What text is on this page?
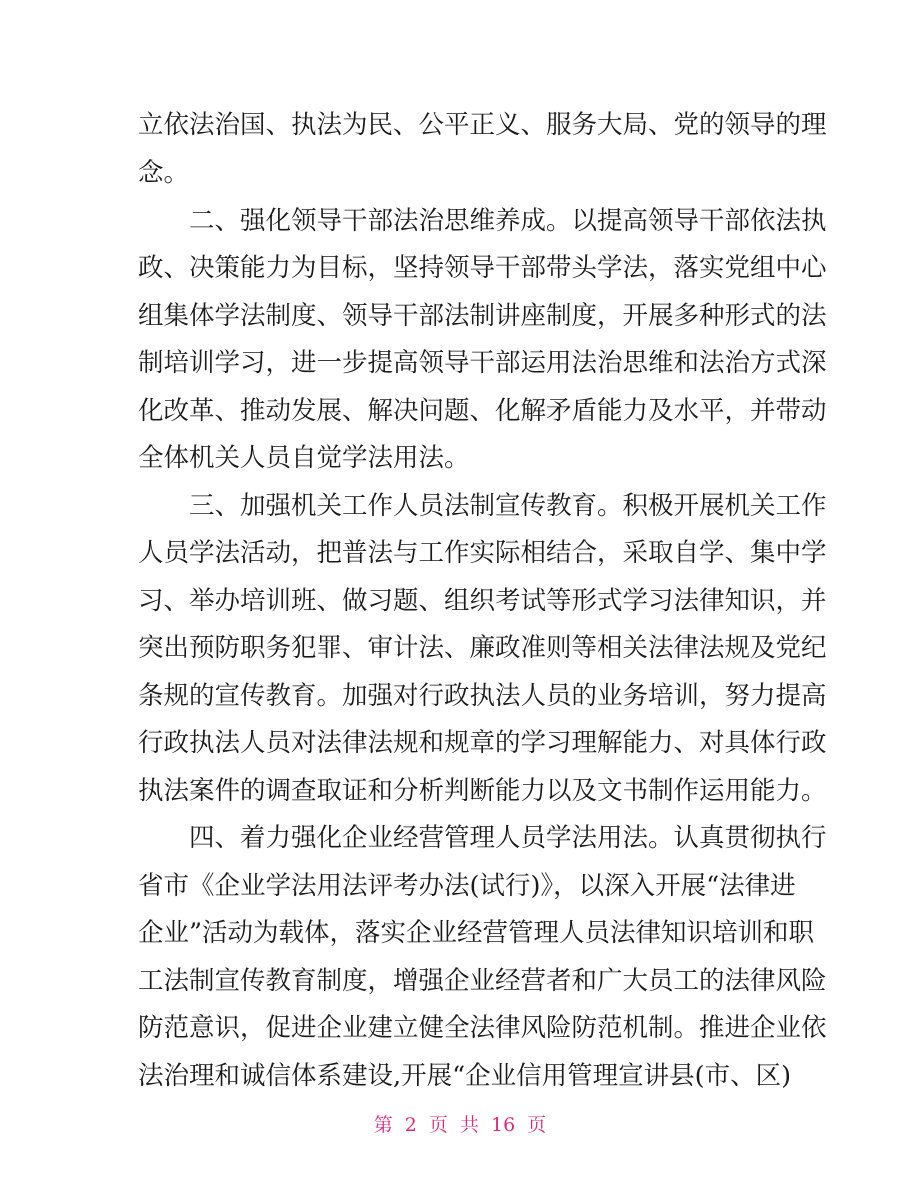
立依法治国、执法为民、公平正义、服务大局、党的领导的理
念。
　　二、强化领导干部法治思维养成。以提高领导干部依法执
政、决策能力为目标，坚持领导干部带头学法，落实党组中心
组集体学法制度、领导干部法制讲座制度，开展多种形式的法
制培训学习，进一步提高领导干部运用法治思维和法治方式深
化改革、推动发展、解决问题、化解矛盾能力及水平，并带动
全体机关人员自觉学法用法。
　　三、加强机关工作人员法制宣传教育。积极开展机关工作
人员学法活动，把普法与工作实际相结合，采取自学、集中学
习、举办培训班、做习题、组织考试等形式学习法律知识，并
突出预防职务犯罪、审计法、廉政准则等相关法律法规及党纪
条规的宣传教育。加强对行政执法人员的业务培训，努力提高
行政执法人员对法律法规和规章的学习理解能力、对具体行政
执法案件的调查取证和分析判断能力以及文书制作运用能力。
　　四、着力强化企业经营管理人员学法用法。认真贯彻执行
省市《企业学法用法评考办法(试行)》，以深入开展“法律进
企业”活动为载体，落实企业经营管理人员法律知识培训和职
工法制宣传教育制度，增强企业经营者和广大员工的法律风险
防范意识，促进企业建立健全法律风险防范机制。推进企业依
法治理和诚信体系建设,开展“企业信用管理宣讲县(市、区)
第 2 页 共 16 页
